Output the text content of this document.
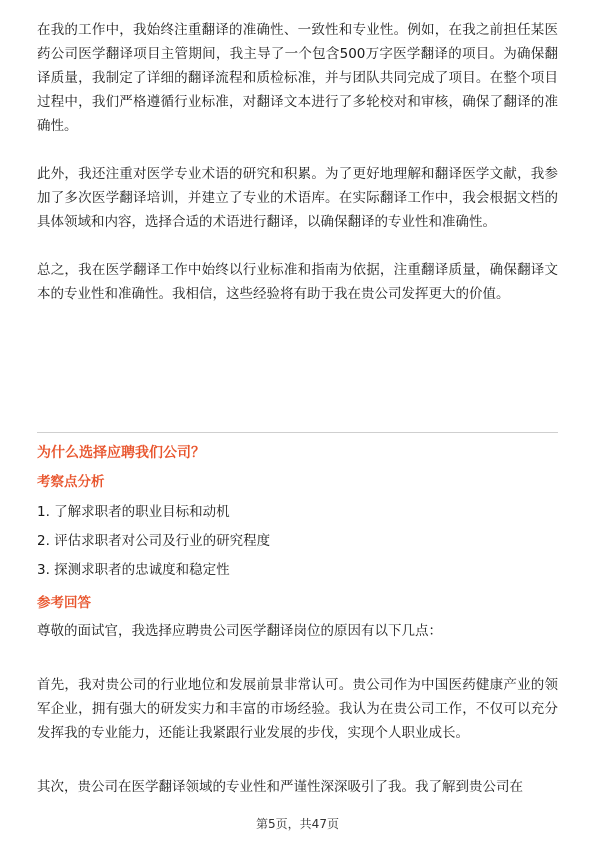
在我的工作中，我始终注重翻译的准确性、一致性和专业性。例如，在我之前担任某医药公司医学翻译项目主管期间，我主导了一个包含500万字医学翻译的项目。为确保翻译质量，我制定了详细的翻译流程和质检标准，并与团队共同完成了项目。在整个项目过程中，我们严格遵循行业标准，对翻译文本进行了多轮校对和审核，确保了翻译的准确性。

此外，我还注重对医学专业术语的研究和积累。为了更好地理解和翻译医学文献，我参加了多次医学翻译培训，并建立了专业的术语库。在实际翻译工作中，我会根据文档的具体领域和内容，选择合适的术语进行翻译，以确保翻译的专业性和准确性。

总之，我在医学翻译工作中始终以行业标准和指南为依据，注重翻译质量，确保翻译文本的专业性和准确性。我相信，这些经验将有助于我在贵公司发挥更大的价值。

为什么选择应聘我们公司？
考察点分析
1. 了解求职者的职业目标和动机
2. 评估求职者对公司及行业的研究程度
3. 探测求职者的忠诚度和稳定性
参考回答

尊敬的面试官，我选择应聘贵公司医学翻译岗位的原因有以下几点：

首先，我对贵公司的行业地位和发展前景非常认可。贵公司作为中国医药健康产业的领军企业，拥有强大的研发实力和丰富的市场经验。我认为在贵公司工作，不仅可以充分发挥我的专业能力，还能让我紧跟行业发展的步伐，实现个人职业成长。

其次，贵公司在医学翻译领域的专业性和严谨性深深吸引了我。我了解到贵公司在

第5页，共47页
